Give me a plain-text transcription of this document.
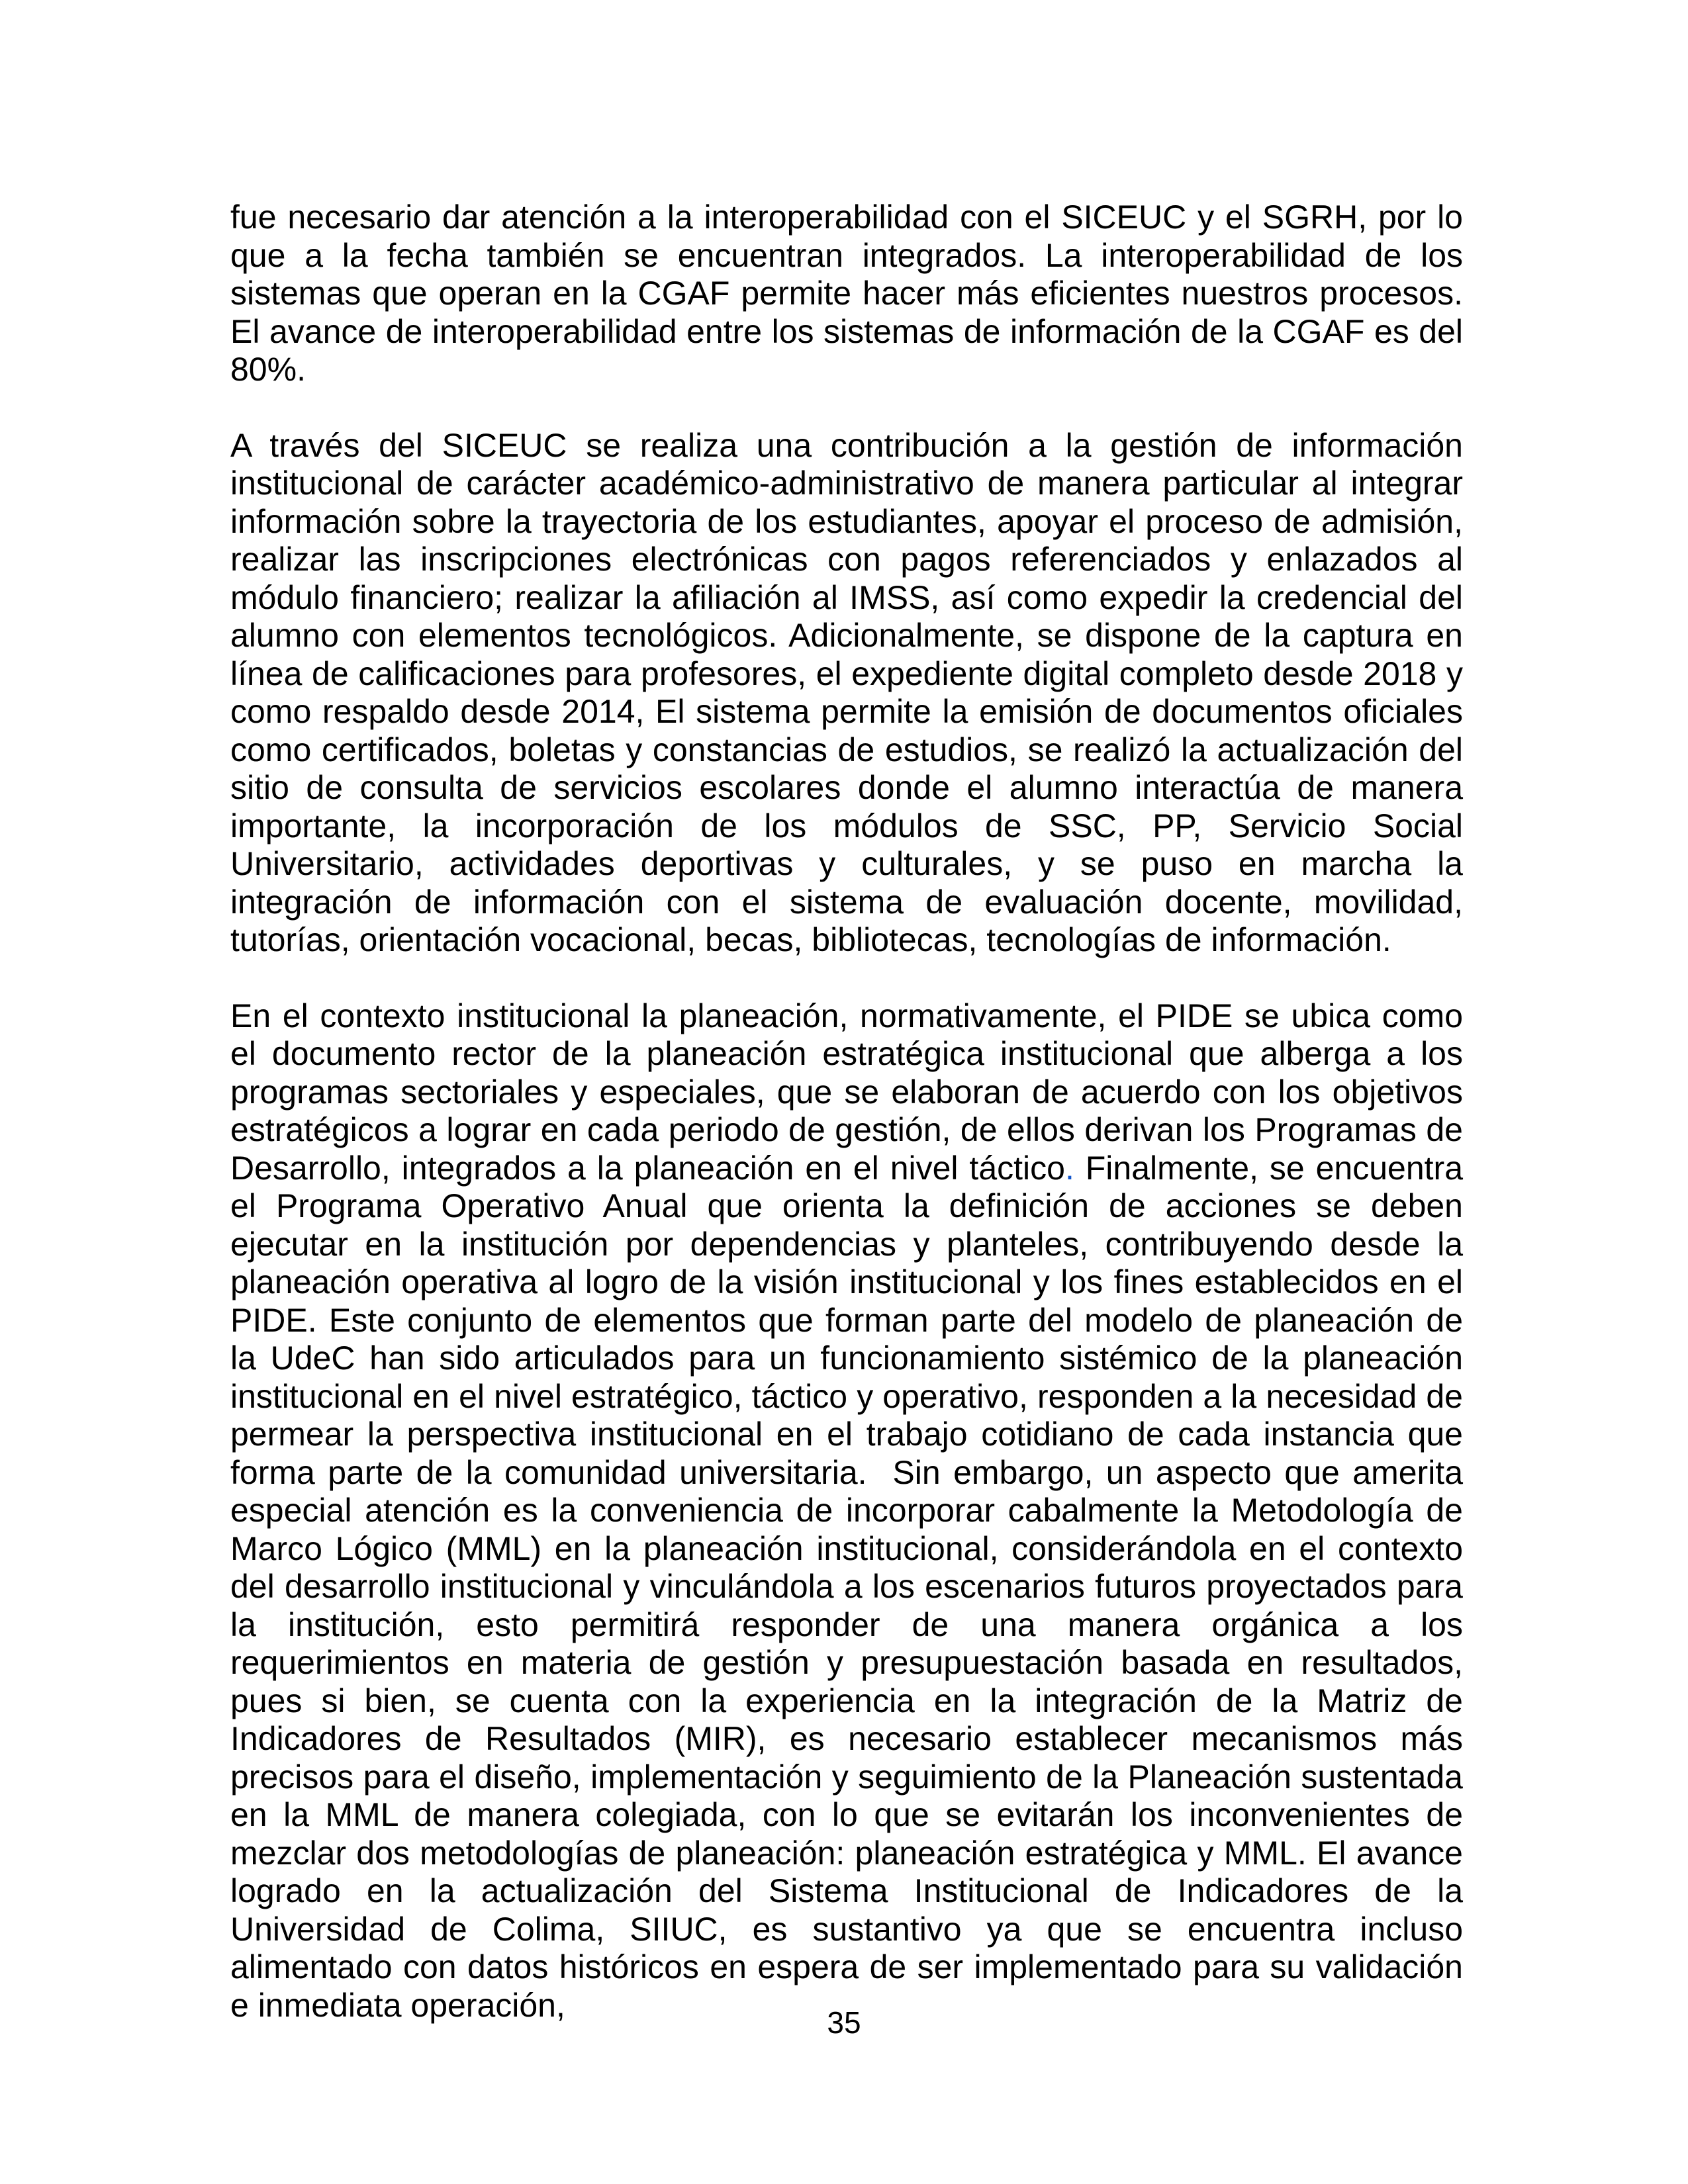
fue necesario dar atención a la interoperabilidad con el SICEUC y el SGRH, por lo que a la fecha también se encuentran integrados. La interoperabilidad de los sistemas que operan en la CGAF permite hacer más eficientes nuestros procesos. El avance de interoperabilidad entre los sistemas de información de la CGAF es del 80%.

A través del SICEUC se realiza una contribución a la gestión de información institucional de carácter académico-administrativo de manera particular al integrar información sobre la trayectoria de los estudiantes, apoyar el proceso de admisión, realizar las inscripciones electrónicas con pagos referenciados y enlazados al módulo financiero; realizar la afiliación al IMSS, así como expedir la credencial del alumno con elementos tecnológicos. Adicionalmente, se dispone de la captura en línea de calificaciones para profesores, el expediente digital completo desde 2018 y como respaldo desde 2014, El sistema permite la emisión de documentos oficiales como certificados, boletas y constancias de estudios, se realizó la actualización del sitio de consulta de servicios escolares donde el alumno interactúa de manera importante, la incorporación de los módulos de SSC, PP, Servicio Social Universitario, actividades deportivas y culturales, y se puso en marcha la integración de información con el sistema de evaluación docente, movilidad, tutorías, orientación vocacional, becas, bibliotecas, tecnologías de información.

En el contexto institucional la planeación, normativamente, el PIDE se ubica como el documento rector de la planeación estratégica institucional que alberga a los programas sectoriales y especiales, que se elaboran de acuerdo con los objetivos estratégicos a lograr en cada periodo de gestión, de ellos derivan los Programas de Desarrollo, integrados a la planeación en el nivel táctico. Finalmente, se encuentra el Programa Operativo Anual que orienta la definición de acciones se deben ejecutar en la institución por dependencias y planteles, contribuyendo desde la planeación operativa al logro de la visión institucional y los fines establecidos en el PIDE. Este conjunto de elementos que forman parte del modelo de planeación de la UdeC han sido articulados para un funcionamiento sistémico de la planeación institucional en el nivel estratégico, táctico y operativo, responden a la necesidad de permear la perspectiva institucional en el trabajo cotidiano de cada instancia que forma parte de la comunidad universitaria.  Sin embargo, un aspecto que amerita especial atención es la conveniencia de incorporar cabalmente la Metodología de Marco Lógico (MML) en la planeación institucional, considerándola en el contexto del desarrollo institucional y vinculándola a los escenarios futuros proyectados para la institución, esto permitirá responder de una manera orgánica a los requerimientos en materia de gestión y presupuestación basada en resultados, pues si bien, se cuenta con la experiencia en la integración de la Matriz de Indicadores de Resultados (MIR), es necesario establecer mecanismos más precisos para el diseño, implementación y seguimiento de la Planeación sustentada en la MML de manera colegiada, con lo que se evitarán los inconvenientes de mezclar dos metodologías de planeación: planeación estratégica y MML. El avance logrado en la actualización del Sistema Institucional de Indicadores de la Universidad de Colima, SIIUC, es sustantivo ya que se encuentra incluso alimentado con datos históricos en espera de ser implementado para su validación e inmediata operación,	35
